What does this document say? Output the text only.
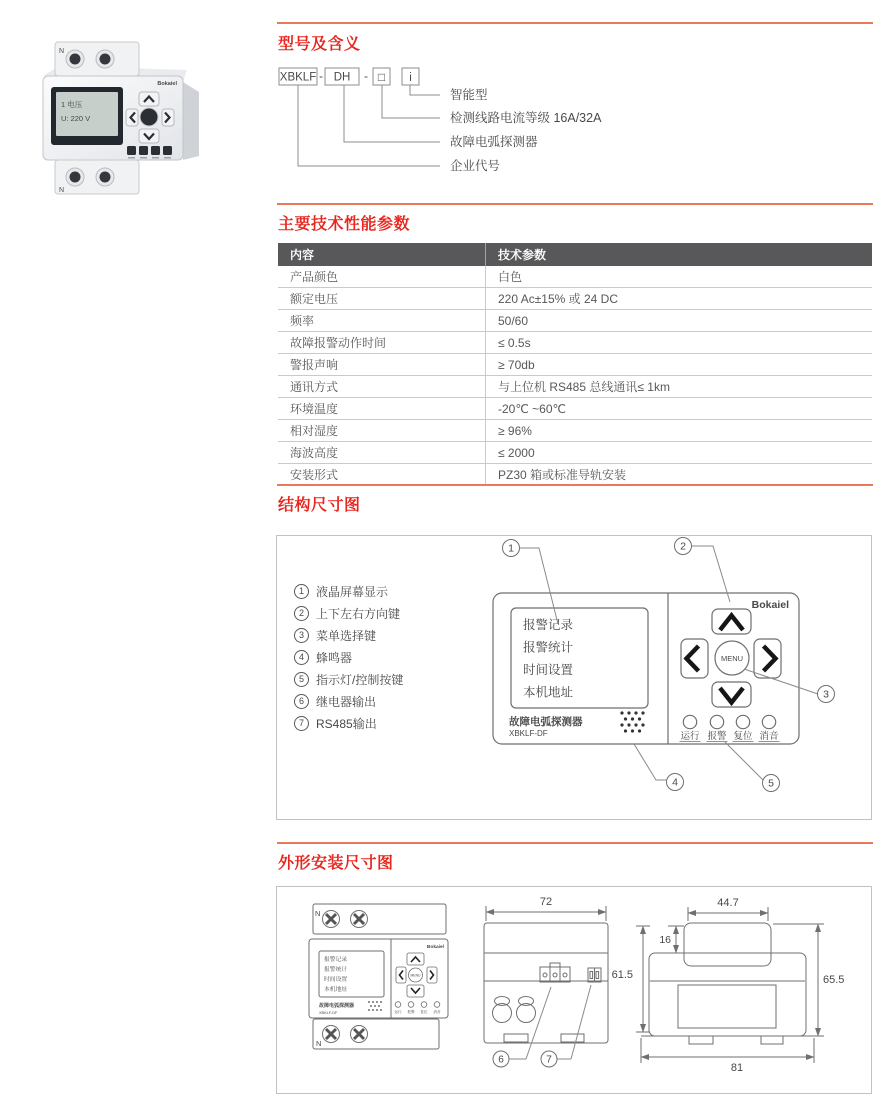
N
Bokaiel
1 电压
U: 220 V
N
型号及含义
XBKLF - DH - □ i
智能型
检测线路电流等级 16A/32A
故障电弧探测器
企业代号
主要技术性能参数
内容	技术参数
产品颜色	白色
额定电压	220 Ac±15% 或 24 DC
频率	50/60
故障报警动作时间	≤ 0.5s
警报声响	≥ 70db
通讯方式	与上位机 RS485 总线通讯≤ 1km
环境温度	-20℃ ~60℃
相对湿度	≥ 96%
海波高度	≤ 2000
安装形式	PZ30 箱或标准导轨安装
结构尺寸图
报警记录
报警统计
时间设置
本机地址
故障电弧探测器
XBKLF-DF
Bokaiel
MENU
运行 报警 复位 消音
1	2
3
4	5
1	液晶屏幕显示
2	上下左右方向键
3	菜单选择键
4	蜂鸣器
5	指示灯/控制按键
6	继电器输出
7	RS485输出
外形安装尺寸图
N
N
报警记录
报警统计
时间设置
本机地址
故障电弧探测器
XBKLF-DF
Bokaiel
MENU
运行 报警 复位 消音
72
61.5
6	7
44.7
16
65.5
81
